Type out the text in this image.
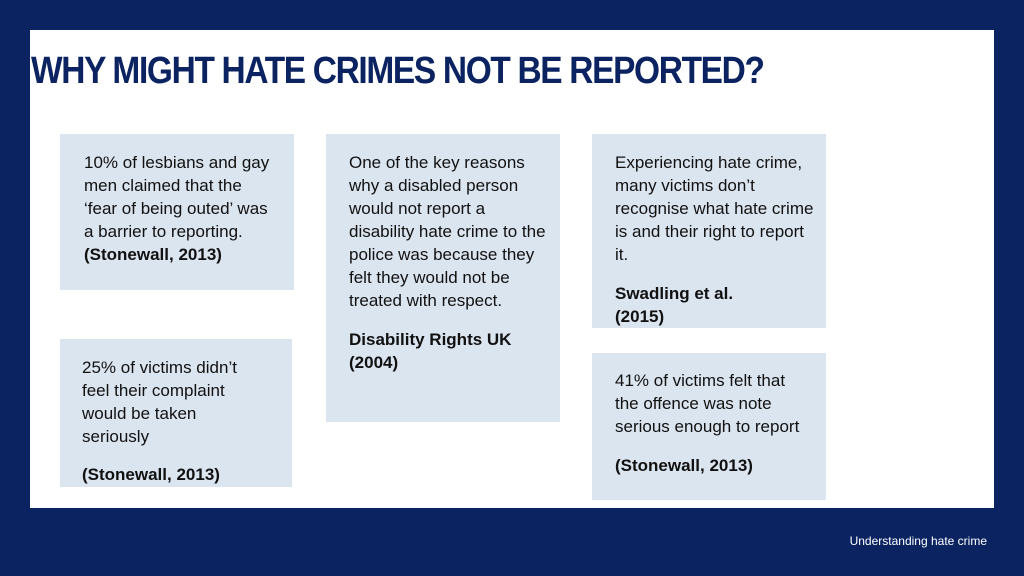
WHY MIGHT HATE CRIMES NOT BE REPORTED?

10% of lesbians and gay men claimed that the ‘fear of being outed’ was a barrier to reporting.

(Stonewall, 2013)

One of the key reasons why a disabled person would not report a disability hate crime to the police was because they felt they would not be treated with respect.

Disability Rights UK (2004)

Experiencing hate crime, many victims don’t recognise what hate crime is and their right to report it.

Swadling et al. (2015)

25% of victims didn’t feel their complaint would be taken seriously

(Stonewall, 2013)

41% of victims felt that the offence was note serious enough to report

(Stonewall, 2013)

Understanding hate crime
